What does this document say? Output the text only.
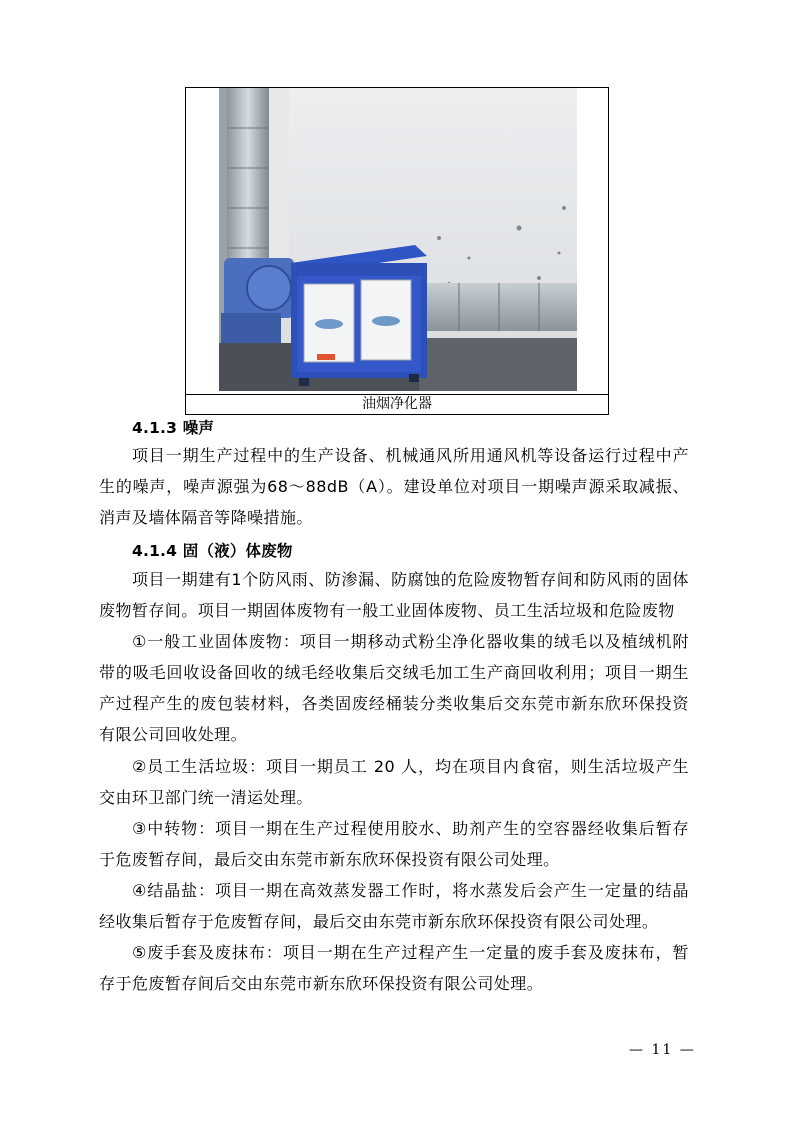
油烟净化器
4.1.3 噪声
项目一期生产过程中的生产设备、机械通风所用通风机等设备运行过程中产生的噪声，噪声源强为68～88dB（A）。建设单位对项目一期噪声源采取减振、消声及墙体隔音等降噪措施。
4.1.4 固（液）体废物
项目一期建有1个防风雨、防渗漏、防腐蚀的危险废物暂存间和防风雨的固体废物暂存间。项目一期固体废物有一般工业固体废物、员工生活垃圾和危险废物
①一般工业固体废物：项目一期移动式粉尘净化器收集的绒毛以及植绒机附带的吸毛回收设备回收的绒毛经收集后交绒毛加工生产商回收利用；项目一期生产过程产生的废包装材料，各类固废经桶装分类收集后交东莞市新东欣环保投资有限公司回收处理。
②员工生活垃圾：项目一期员工 20 人，均在项目内食宿，则生活垃圾产生交由环卫部门统一清运处理。
③中转物：项目一期在生产过程使用胶水、助剂产生的空容器经收集后暂存于危废暂存间，最后交由东莞市新东欣环保投资有限公司处理。
④结晶盐：项目一期在高效蒸发器工作时，将水蒸发后会产生一定量的结晶经收集后暂存于危废暂存间，最后交由东莞市新东欣环保投资有限公司处理。
⑤废手套及废抹布：项目一期在生产过程产生一定量的废手套及废抹布，暂存于危废暂存间后交由东莞市新东欣环保投资有限公司处理。
— 11 —
